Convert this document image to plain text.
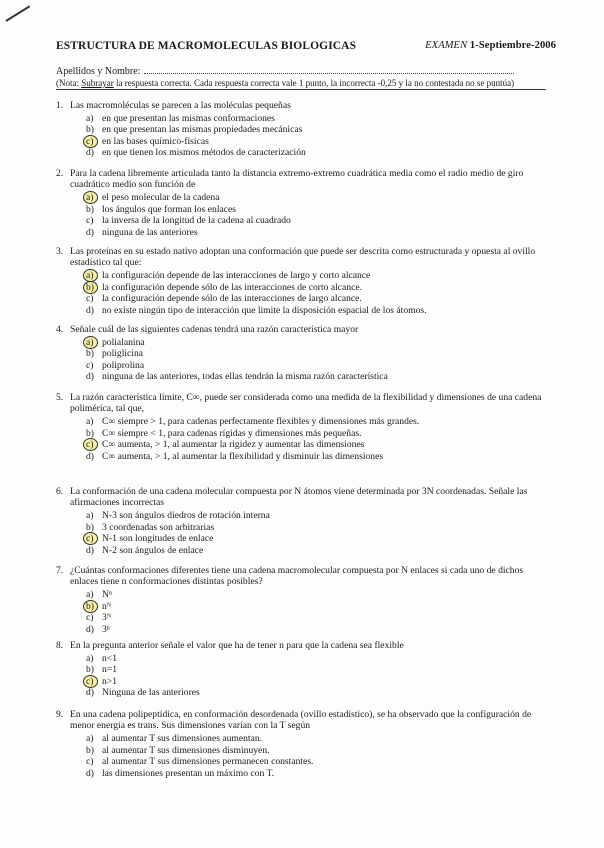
ESTRUCTURA DE MACROMOLECULAS BIOLOGICAS	EXAMEN 1-Septiembre-2006
Apellidos y Nombre:
(Nota: Subrayar la respuesta correcta. Cada respuesta correcta vale 1 punto, la incorrecta -0,25 y la no contestada no se puntúa)
1. Las macromoléculas se parecen a las moléculas pequeñas
a) en que presentan las mismas conformaciones
b) en que presentan las mismas propiedades mecánicas
c) en las bases químico-físicas
d) en que tienen los mismos métodos de caracterización
2. Para la cadena libremente articulada tanto la distancia extremo-extremo cuadrática media como el radio medio de giro cuadrático medio son función de
a) el peso molecular de la cadena
b) los ángulos que forman los enlaces
c) la inversa de la longitud de la cadena al cuadrado
d) ninguna de las anteriores
3. Las proteínas en su estado nativo adoptan una conformación que puede ser descrita como estructurada y opuesta al ovillo estadístico tal que:
a) la configuración depende de las interacciones de largo y corto alcance
b) la configuración depende sólo de las interacciones de corto alcance.
c) la configuración depende sólo de las interacciones de largo alcance.
d) no existe ningún tipo de interacción que limite la disposición espacial de los átomos.
4. Señale cuál de las siguientes cadenas tendrá una razón característica mayor
a) polialanina
b) poliglicina
c) poliprolina
d) ninguna de las anteriores, todas ellas tendrán la misma razón característica
5. La razón característica límite, C∞, puede ser considerada como una medida de la flexibilidad y dimensiones de una cadena polimérica, tal que,
a) C∞ siempre > 1, para cadenas perfectamente flexibles y dimensiones más grandes.
b) C∞ siempre < 1, para cadenas rígidas y dimensiones más pequeñas.
c) C∞ aumenta, > 1, al aumentar la rigidez y aumentar las dimensiones
d) C∞ aumenta, > 1, al aumentar la flexibilidad y disminuir las dimensiones
6. La conformación de una cadena molecular compuesta por N átomos viene determinada por 3N coordenadas. Señale las afirmaciones incorrectas
a) N-3 son ángulos diedros de rotación interna
b) 3 coordenadas son arbitrarias
c) N-1 son longitudes de enlace
d) N-2 son ángulos de enlace
7. ¿Cuántas conformaciones diferentes tiene una cadena macromolecular compuesta por N enlaces si cada uno de dichos enlaces tiene n conformaciones distintas posibles?
a) Nⁿ
b) nᴺ
c) 3ᴺ
d) 3ⁿ
8. En la pregunta anterior señale el valor que ha de tener n para que la cadena sea flexible
a) n<1
b) n=1
c) n>1
d) Ninguna de las anteriores
9. En una cadena polipeptídica, en conformación desordenada (ovillo estadístico), se ha observado que la configuración de menor energía es trans. Sus dimensiones varían con la T según
a) al aumentar T sus dimensiones aumentan.
b) al aumentar T sus dimensiones disminuyen.
c) al aumentar T sus dimensiones permanecen constantes.
d) las dimensiones presentan un máximo con T.
